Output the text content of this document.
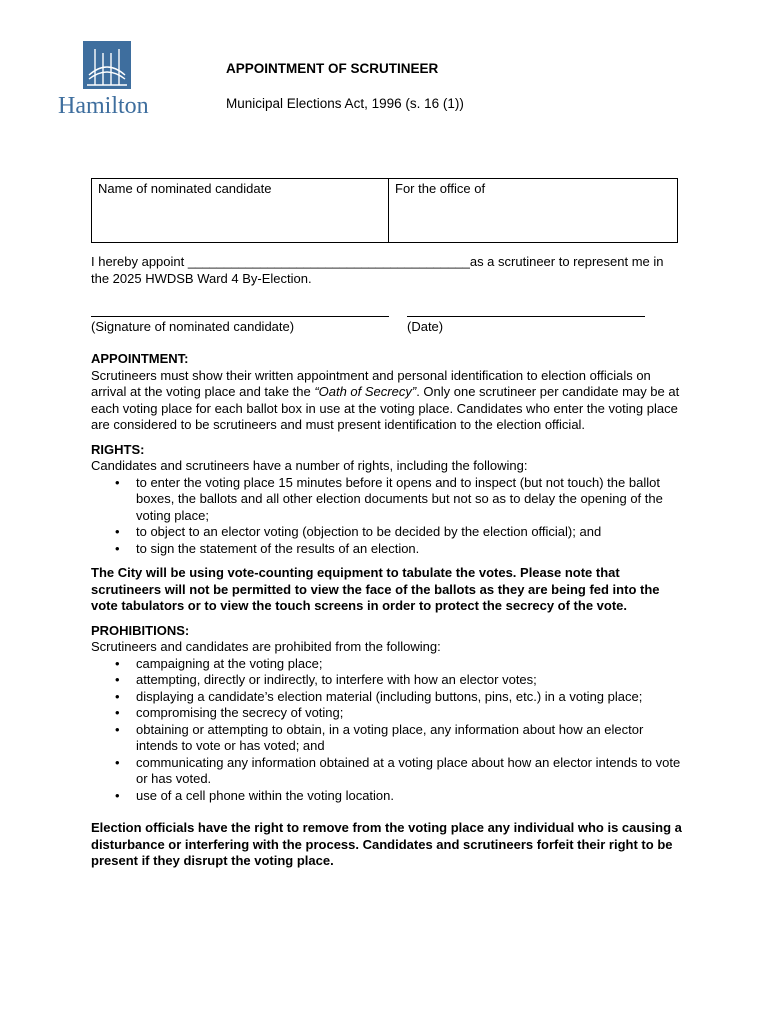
Hamilton
APPOINTMENT OF SCRUTINEER
Municipal Elections Act, 1996 (s. 16 (1))
Name of nominated candidate	For the office of
I hereby appoint _______________________________________as a scrutineer to represent me in the 2025 HWDSB Ward 4 By-Election.
(Signature of nominated candidate)	(Date)
APPOINTMENT:

Scrutineers must show their written appointment and personal identification to election officials on arrival at the voting place and take the “Oath of Secrecy”. Only one scrutineer per candidate may be at each voting place for each ballot box in use at the voting place. Candidates who enter the voting place are considered to be scrutineers and must present identification to the election official.

RIGHTS:
Candidates and scrutineers have a number of rights, including the following:
• to enter the voting place 15 minutes before it opens and to inspect (but not touch) the ballot boxes, the ballots and all other election documents but not so as to delay the opening of the voting place;
• to object to an elector voting (objection to be decided by the election official); and
• to sign the statement of the results of an election.

The City will be using vote-counting equipment to tabulate the votes. Please note that scrutineers will not be permitted to view the face of the ballots as they are being fed into the vote tabulators or to view the touch screens in order to protect the secrecy of the vote.

PROHIBITIONS:
Scrutineers and candidates are prohibited from the following:
• campaigning at the voting place;
• attempting, directly or indirectly, to interfere with how an elector votes;
• displaying a candidate’s election material (including buttons, pins, etc.) in a voting place;
• compromising the secrecy of voting;
• obtaining or attempting to obtain, in a voting place, any information about how an elector intends to vote or has voted; and
• communicating any information obtained at a voting place about how an elector intends to vote or has voted.
• use of a cell phone within the voting location.

Election officials have the right to remove from the voting place any individual who is causing a disturbance or interfering with the process. Candidates and scrutineers forfeit their right to be present if they disrupt the voting place.
